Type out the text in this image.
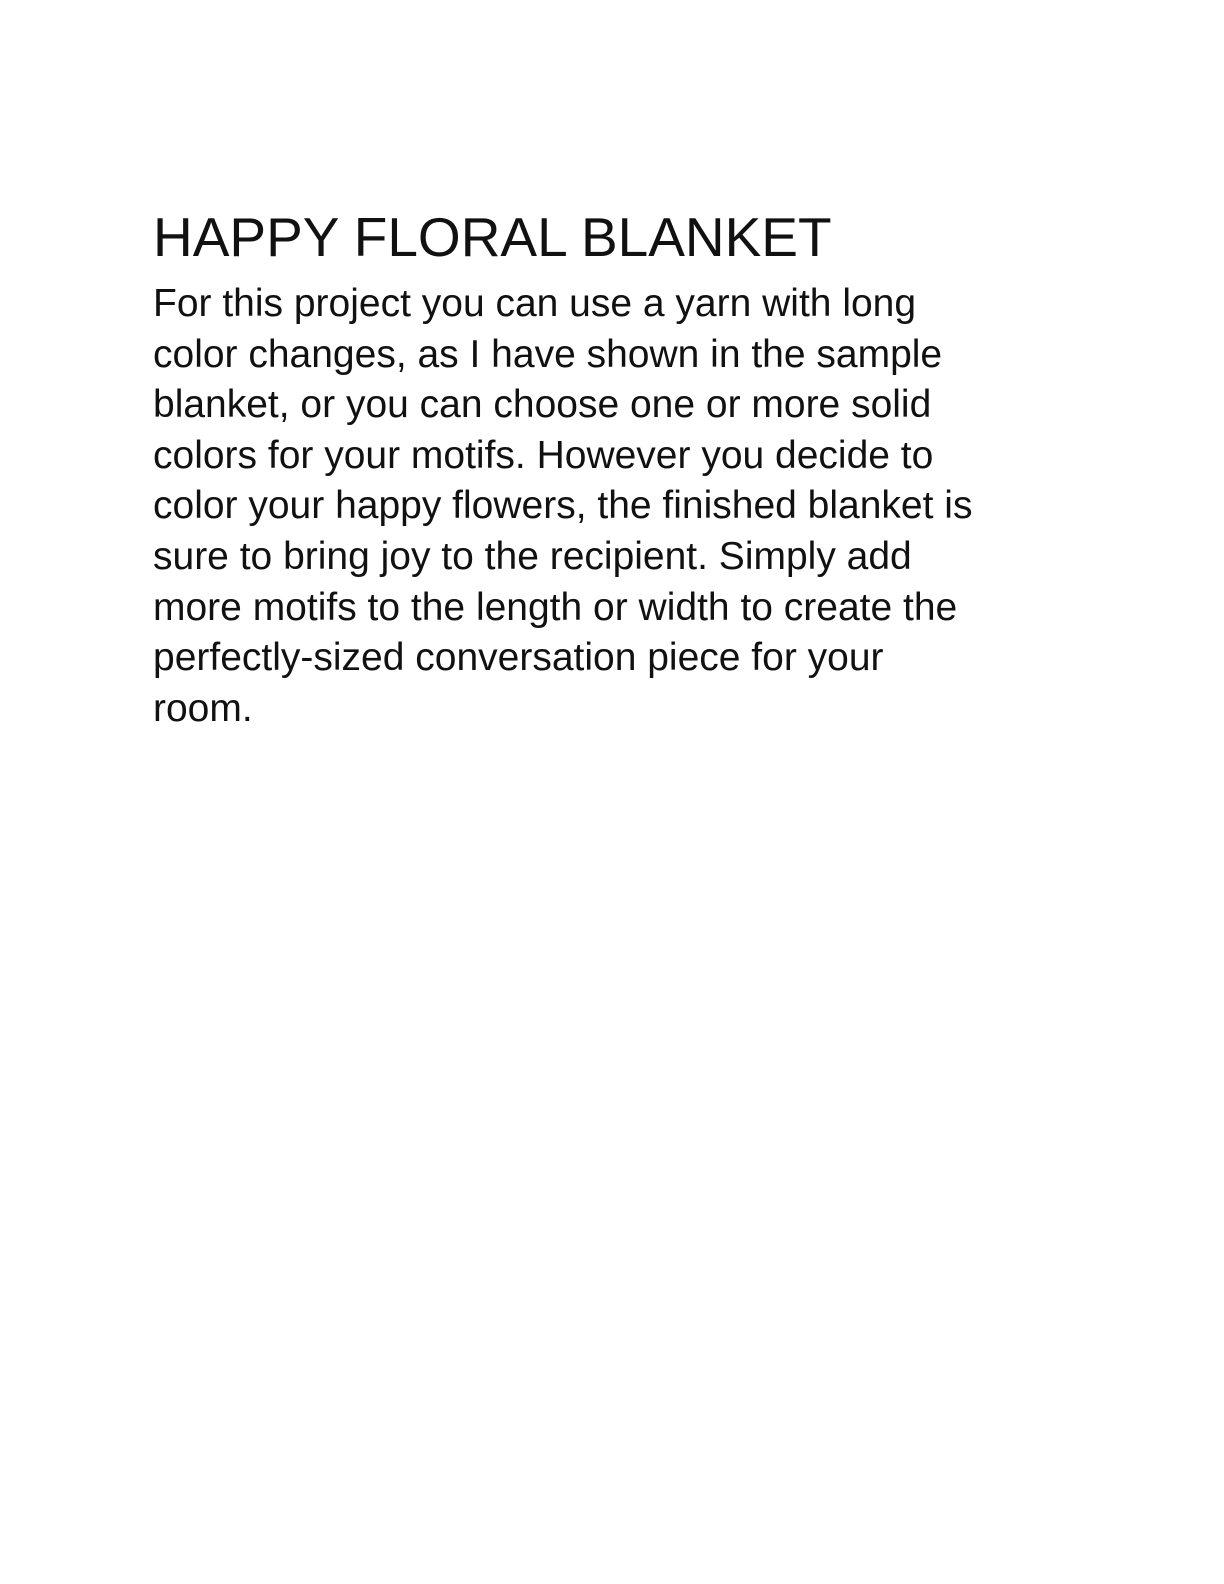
HAPPY FLORAL BLANKET

For this project you can use a yarn with long
color changes, as I have shown in the sample
blanket, or you can choose one or more solid
colors for your motifs. However you decide to
color your happy flowers, the finished blanket is
sure to bring joy to the recipient. Simply add
more motifs to the length or width to create the
perfectly-sized conversation piece for your
room.
